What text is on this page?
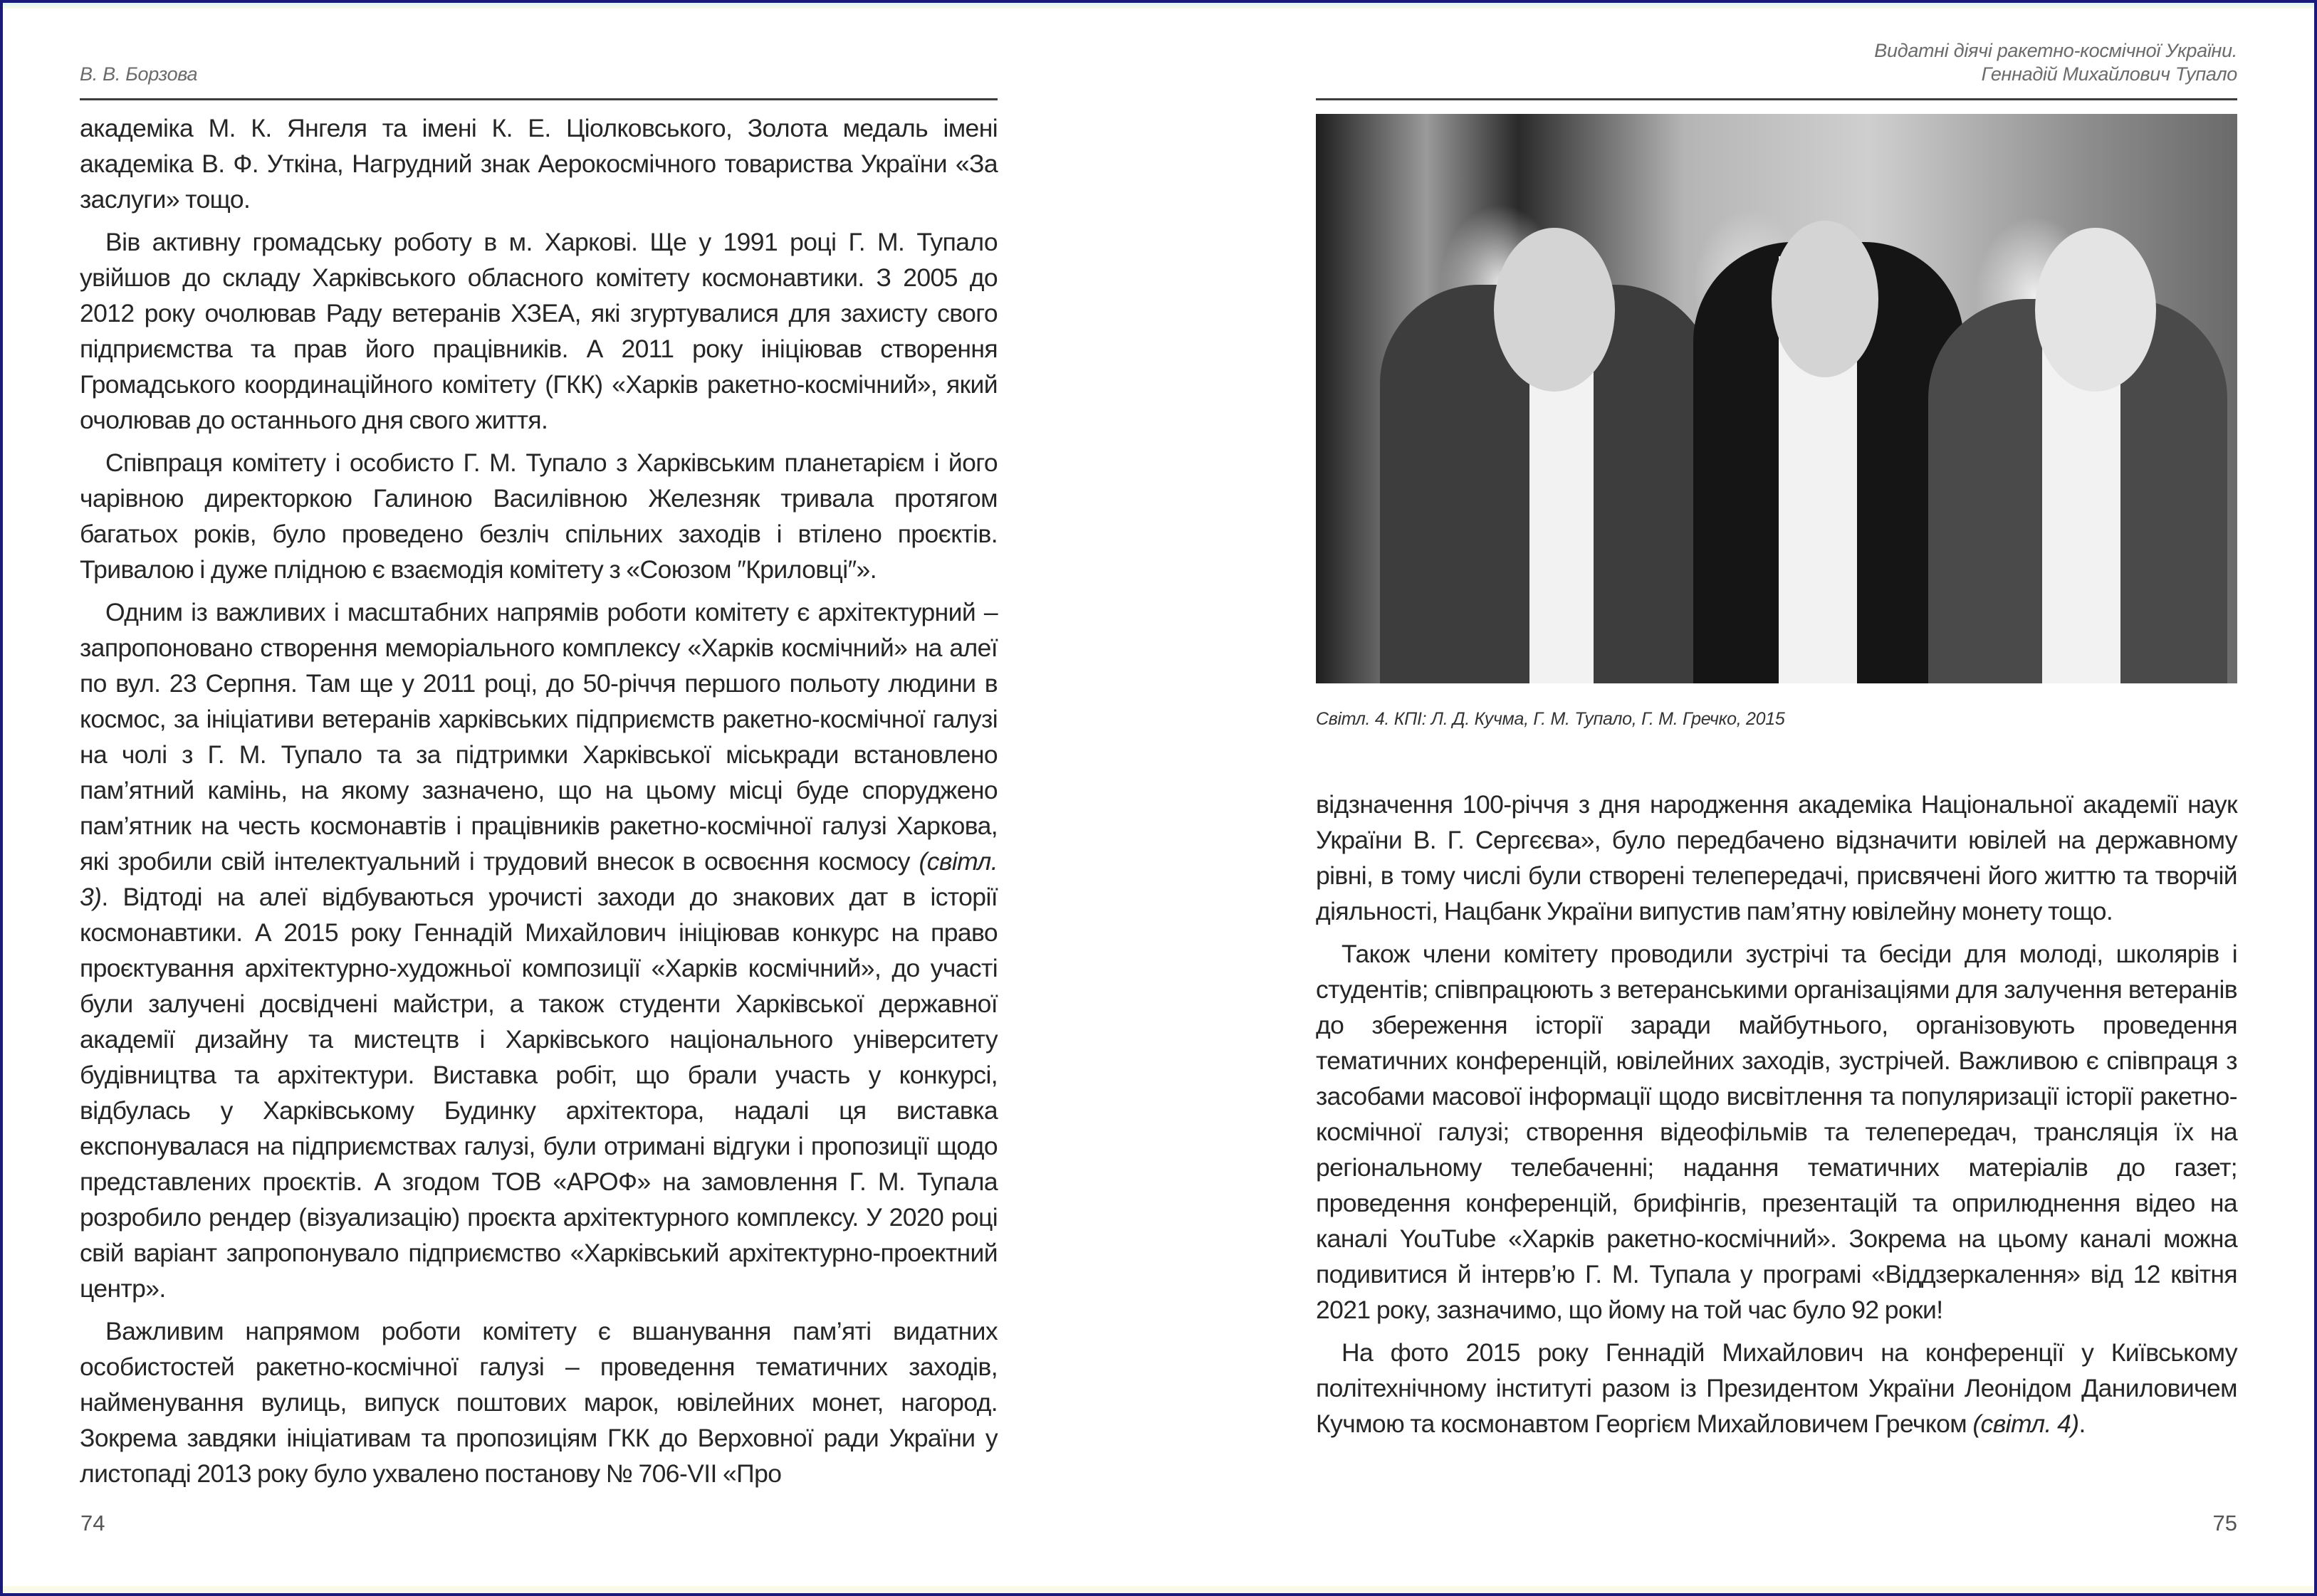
В. В. Борзова

академіка М. К. Янгеля та імені К. Е. Ціолковського, Золота медаль імені академіка В. Ф. Уткіна, Нагрудний знак Аерокосмічного товариства України «За заслуги» тощо.

Вів активну громадську роботу в м. Харкові. Ще у 1991 році Г. М. Тупало увійшов до складу Харківського обласного комітету космонавтики. З 2005 до 2012 року очолював Раду ветеранів ХЗЕА, які згуртувалися для захисту свого підприємства та прав його працівників. А 2011 року ініціював створення Громадського координаційного комітету (ГКК) «Харків ракетно-космічний», який очолював до останнього дня свого життя.

Співпраця комітету і особисто Г. М. Тупало з Харківським планетарієм і його чарівною директоркою Галиною Василівною Железняк тривала протягом багатьох років, було проведено безліч спільних заходів і втілено проєктів. Тривалою і дуже плідною є взаємодія комітету з «Союзом ″Криловці″».

Одним із важливих і масштабних напрямів роботи комітету є архітектурний – запропоновано створення меморіального комплексу «Харків космічний» на алеї по вул. 23 Серпня. Там ще у 2011 році, до 50-річчя першого польоту людини в космос, за ініціативи ветеранів харківських підприємств ракетно-космічної галузі на чолі з Г. М. Тупало та за підтримки Харківської міськради встановлено пам’ятний камінь, на якому зазначено, що на цьому місці буде споруджено пам’ятник на честь космонавтів і працівників ракетно-космічної галузі Харкова, які зробили свій інтелектуальний і трудовий внесок в освоєння космосу (світл. 3). Відтоді на алеї відбуваються урочисті заходи до знакових дат в історії космонавтики. А 2015 року Геннадій Михайлович ініціював конкурс на право проєктування архітектурно-художньої композиції «Харків космічний», до участі були залучені досвідчені майстри, а також студенти Харківської державної академії дизайну та мистецтв і Харківського національного університету будівництва та архітектури. Виставка робіт, що брали участь у конкурсі, відбулась у Харківському Будинку архітектора, надалі ця виставка експонувалася на підприємствах галузі, були отримані відгуки і пропозиції щодо представлених проєктів. А згодом ТОВ «АРОФ» на замовлення Г. М. Тупала розробило рендер (візуализацію) проєкта архітектурного комплексу. У 2020 році свій варіант запропонувало підприємство «Харківський архітектурно-проектний центр».

Важливим напрямом роботи комітету є вшанування пам’яті видатних особистостей ракетно-космічної галузі – проведення тематичних заходів, найменування вулиць, випуск поштових марок, ювілейних монет, нагород. Зокрема завдяки ініціативам та пропозиціям ГКК до Верховної ради України у листопаді 2013 року було ухвалено постанову № 706-VII «Про

74
Видатні діячі ракетно-космічної України.
Геннадій Михайлович Тупало
Світл. 4. КПІ: Л. Д. Кучма, Г. М. Тупало, Г. М. Гречко, 2015

відзначення 100-річчя з дня народження академіка Національної академії наук України В. Г. Сергєєва», було передбачено відзначити ювілей на державному рівні, в тому числі були створені телепередачі, присвячені його життю та творчій діяльності, Нацбанк України випустив пам’ятну ювілейну монету тощо.

Також члени комітету проводили зустрічі та бесіди для молоді, школярів і студентів; співпрацюють з ветеранськими організаціями для залучення ветеранів до збереження історії заради майбутнього, організовують проведення тематичних конференцій, ювілейних заходів, зустрічей. Важливою є співпраця з засобами масової інформації щодо висвітлення та популяризації історії ракетно-космічної галузі; створення відеофільмів та телепередач, трансляція їх на регіональному телебаченні; надання тематичних матеріалів до газет; проведення конференцій, брифінгів, презентацій та оприлюднення відео на каналі YouTube «Харків ракетно-космічний». Зокрема на цьому каналі можна подивитися й інтерв’ю Г. М. Тупала у програмі «Віддзеркалення» від 12 квітня 2021 року, зазначимо, що йому на той час було 92 роки!

На фото 2015 року Геннадій Михайлович на конференції у Київському політехнічному інституті разом із Президентом України Леонідом Даниловичем Кучмою та космонавтом Георгієм Михайловичем Гречком (світл. 4).

75
